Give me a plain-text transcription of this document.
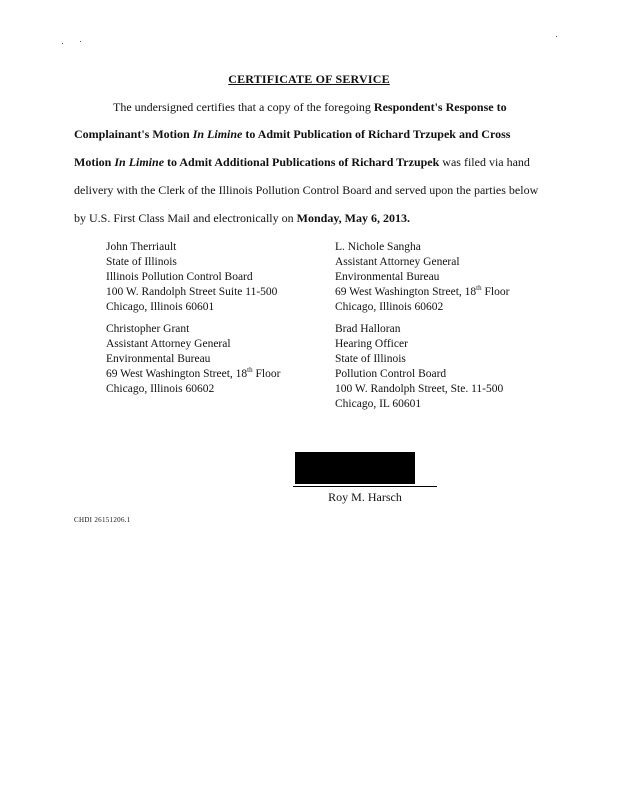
CERTIFICATE OF SERVICE
The undersigned certifies that a copy of the foregoing Respondent's Response to
Complainant's Motion In Limine to Admit Publication of Richard Trzupek and Cross
Motion In Limine to Admit Additional Publications of Richard Trzupek was filed via hand
delivery with the Clerk of the Illinois Pollution Control Board and served upon the parties below
by U.S. First Class Mail and electronically on Monday, May 6, 2013.
John Therriault
State of Illinois
Illinois Pollution Control Board
100 W. Randolph Street Suite 11-500
Chicago, Illinois 60601
L. Nichole Sangha
Assistant Attorney General
Environmental Bureau
69 West Washington Street, 18th Floor
Chicago, Illinois 60602
Christopher Grant
Assistant Attorney General
Environmental Bureau
69 West Washington Street, 18th Floor
Chicago, Illinois 60602
Brad Halloran
Hearing Officer
State of Illinois
Pollution Control Board
100 W. Randolph Street, Ste. 11-500
Chicago, IL 60601
Roy M. Harsch
CHDI 26151206.1
